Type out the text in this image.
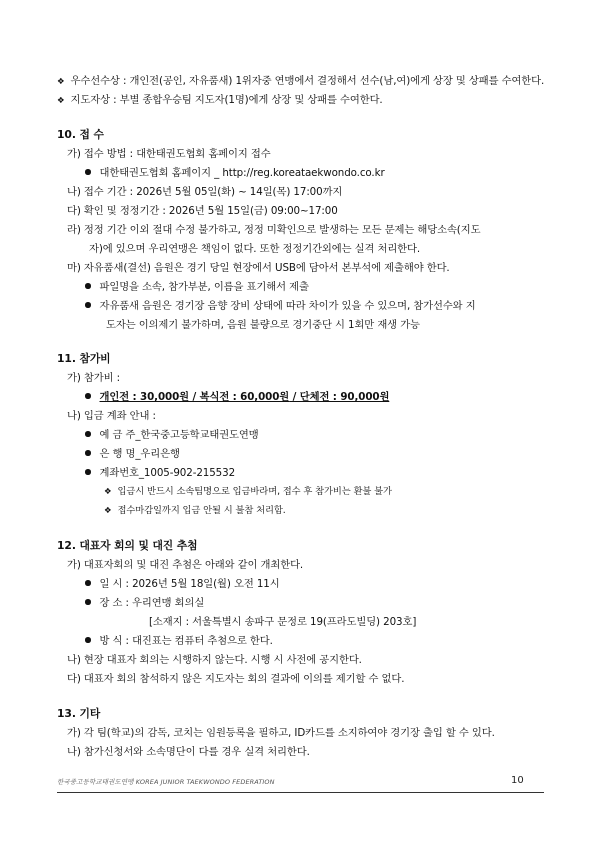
❖ 우수선수상 : 개인전(공인, 자유품새) 1위자중 연맹에서 결정해서 선수(남,여)에게 상장 및 상패를 수여한다.
❖ 지도자상 : 부별 종합우승팀 지도자(1명)에게 상장 및 상패를 수여한다.
10. 접 수
가) 접수 방법 : 대한태권도협회 홈페이지 접수
대한태권도협회 홈페이지 _ http://reg.koreataekwondo.co.kr
나) 접수 기간 : 2026년 5월 05일(화) ~ 14일(목) 17:00까지
다) 확인 및 정정기간 : 2026년 5월 15일(금) 09:00~17:00
라) 정정 기간 이외 절대 수정 불가하고, 정정 미확인으로 발생하는 모든 문제는 해당소속(지도
자)에 있으며 우리연맹은 책임이 없다. 또한 정정기간외에는 실격 처리한다.
마) 자유품새(결선) 음원은 경기 당일 현장에서 USB에 담아서 본부석에 제출해야 한다.
파일명을 소속, 참가부분, 이름을 표기해서 제출
자유품새 음원은 경기장 음향 장비 상태에 따라 차이가 있을 수 있으며, 참가선수와 지
도자는 이의제기 불가하며, 음원 불량으로 경기중단 시 1회만 재생 가능
11. 참가비
가) 참가비 :
개인전 : 30,000원 / 복식전 : 60,000원 / 단체전 : 90,000원
나) 입금 계좌 안내 :
예 금 주_한국중고등학교태권도연맹
은 행 명_우리은행
계좌번호_1005-902-215532
❖ 입금시 반드시 소속팀명으로 입금바라며, 접수 후 참가비는 환불 불가
❖ 접수마감일까지 입금 안될 시 불참 처리함.
12. 대표자 회의 및 대진 추첨
가) 대표자회의 및 대진 추첨은 아래와 같이 개최한다.
일 시 : 2026년 5월 18일(월) 오전 11시
장 소 : 우리연맹 회의실
[소재지 : 서울특별시 송파구 문정로 19(프라도빌딩) 203호]
방 식 : 대진표는 컴퓨터 추첨으로 한다.
나) 현장 대표자 회의는 시행하지 않는다. 시행 시 사전에 공지한다.
다) 대표자 회의 참석하지 않은 지도자는 회의 결과에 이의를 제기할 수 없다.
13. 기타
가) 각 팀(학교)의 감독, 코치는 임원등록을 필하고, ID카드를 소지하여야 경기장 출입 할 수 있다.
나) 참가신청서와 소속명단이 다를 경우 실격 처리한다.
한국중고등학교태권도연맹 KOREA JUNIOR TAEKWONDO FEDERATION	10
